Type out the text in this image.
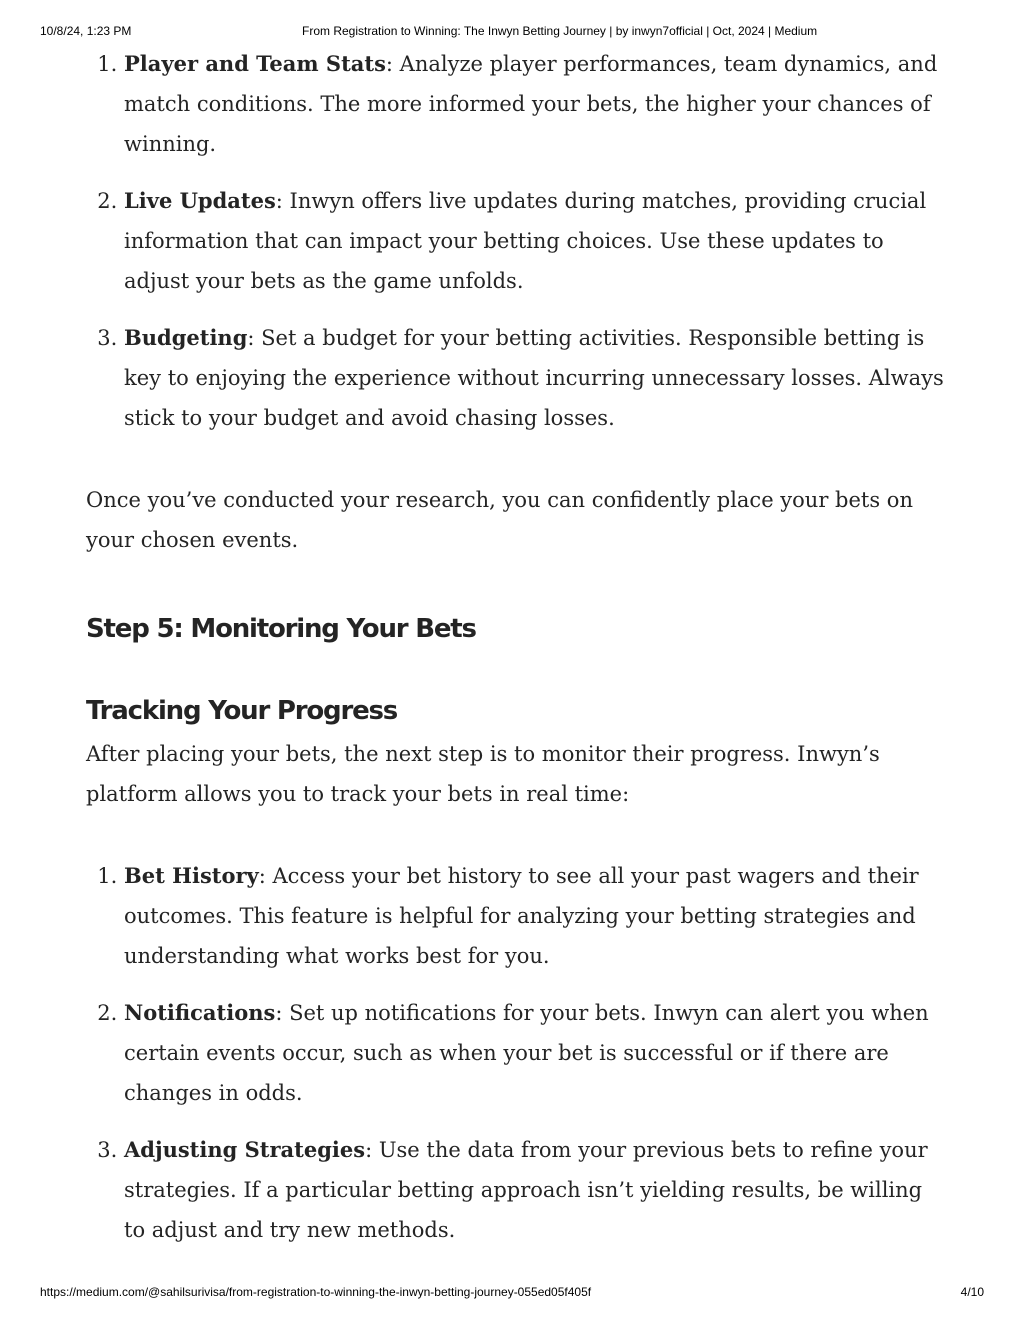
10/8/24, 1:23 PM	From Registration to Winning: The Inwyn Betting Journey | by inwyn7official | Oct, 2024 | Medium
1. Player and Team Stats: Analyze player performances, team dynamics, and match conditions. The more informed your bets, the higher your chances of winning.
2. Live Updates: Inwyn offers live updates during matches, providing crucial information that can impact your betting choices. Use these updates to adjust your bets as the game unfolds.
3. Budgeting: Set a budget for your betting activities. Responsible betting is key to enjoying the experience without incurring unnecessary losses. Always stick to your budget and avoid chasing losses.

Once you’ve conducted your research, you can confidently place your bets on your chosen events.

Step 5: Monitoring Your Bets
Tracking Your Progress

After placing your bets, the next step is to monitor their progress. Inwyn’s platform allows you to track your bets in real time:

1. Bet History: Access your bet history to see all your past wagers and their outcomes. This feature is helpful for analyzing your betting strategies and understanding what works best for you.
2. Notifications: Set up notifications for your bets. Inwyn can alert you when certain events occur, such as when your bet is successful or if there are changes in odds.
3. Adjusting Strategies: Use the data from your previous bets to refine your strategies. If a particular betting approach isn’t yielding results, be willing to adjust and try new methods.
https://medium.com/@sahilsurivisa/from-registration-to-winning-the-inwyn-betting-journey-055ed05f405f	4/10
